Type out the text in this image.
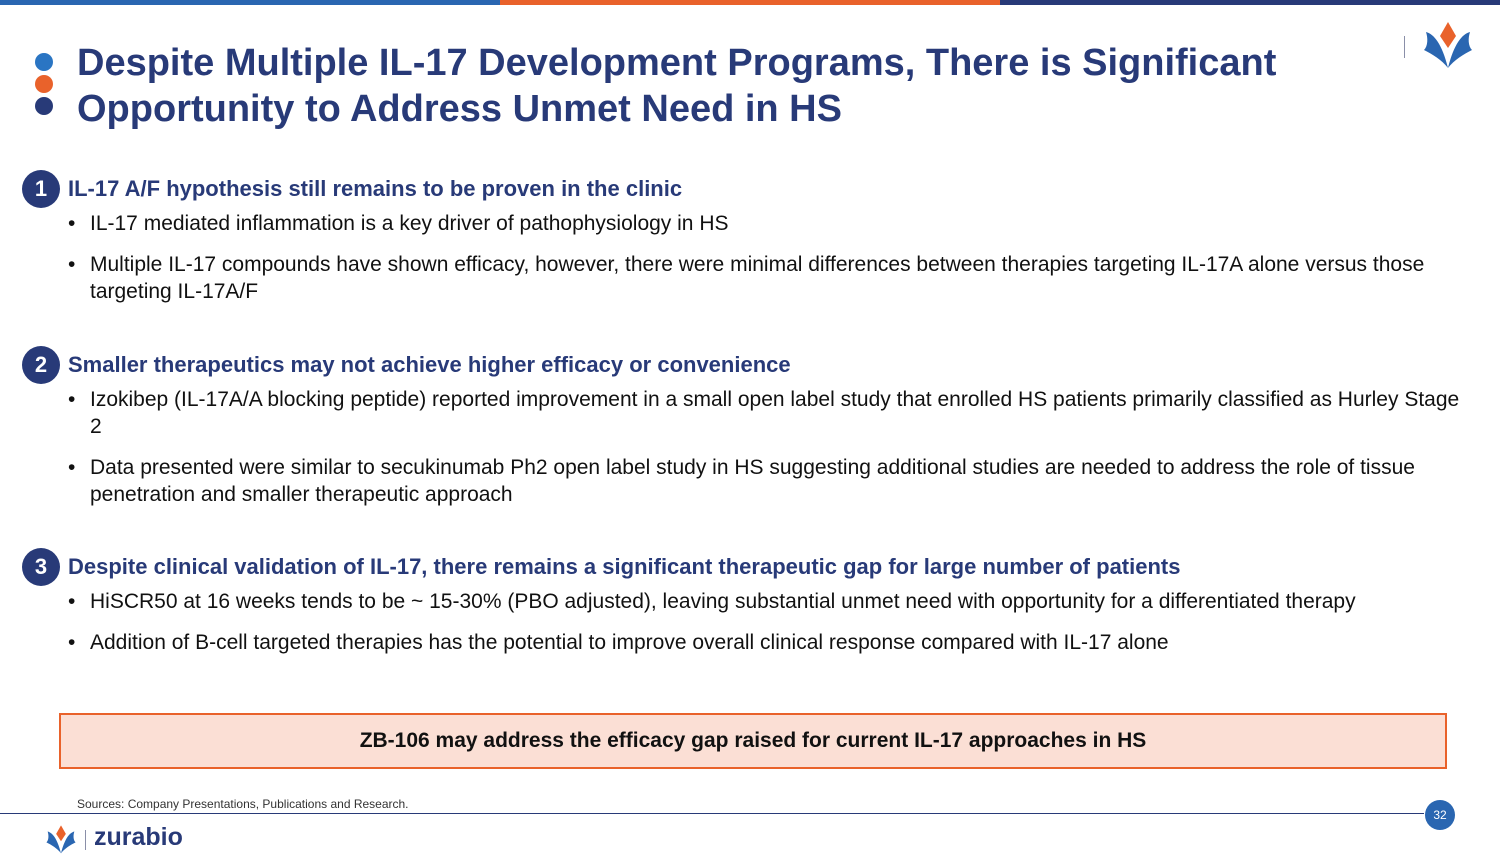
Despite Multiple IL-17 Development Programs, There is Significant
Opportunity to Address Unmet Need in HS
1 IL-17 A/F hypothesis still remains to be proven in the clinic
• IL-17 mediated inflammation is a key driver of pathophysiology in HS
• Multiple IL-17 compounds have shown efficacy, however, there were minimal differences between therapies targeting IL-17A alone versus those targeting IL-17A/F
2 Smaller therapeutics may not achieve higher efficacy or convenience
• Izokibep (IL-17A/A blocking peptide) reported improvement in a small open label study that enrolled HS patients primarily classified as Hurley Stage 2
• Data presented were similar to secukinumab Ph2 open label study in HS suggesting additional studies are needed to address the role of tissue penetration and smaller therapeutic approach
3 Despite clinical validation of IL-17, there remains a significant therapeutic gap for large number of patients
• HiSCR50 at 16 weeks tends to be ~ 15-30% (PBO adjusted), leaving substantial unmet need with opportunity for a differentiated therapy
• Addition of B-cell targeted therapies has the potential to improve overall clinical response compared with IL-17 alone
ZB-106 may address the efficacy gap raised for current IL-17 approaches in HS
Sources: Company Presentations, Publications and Research.
32
zurabio
